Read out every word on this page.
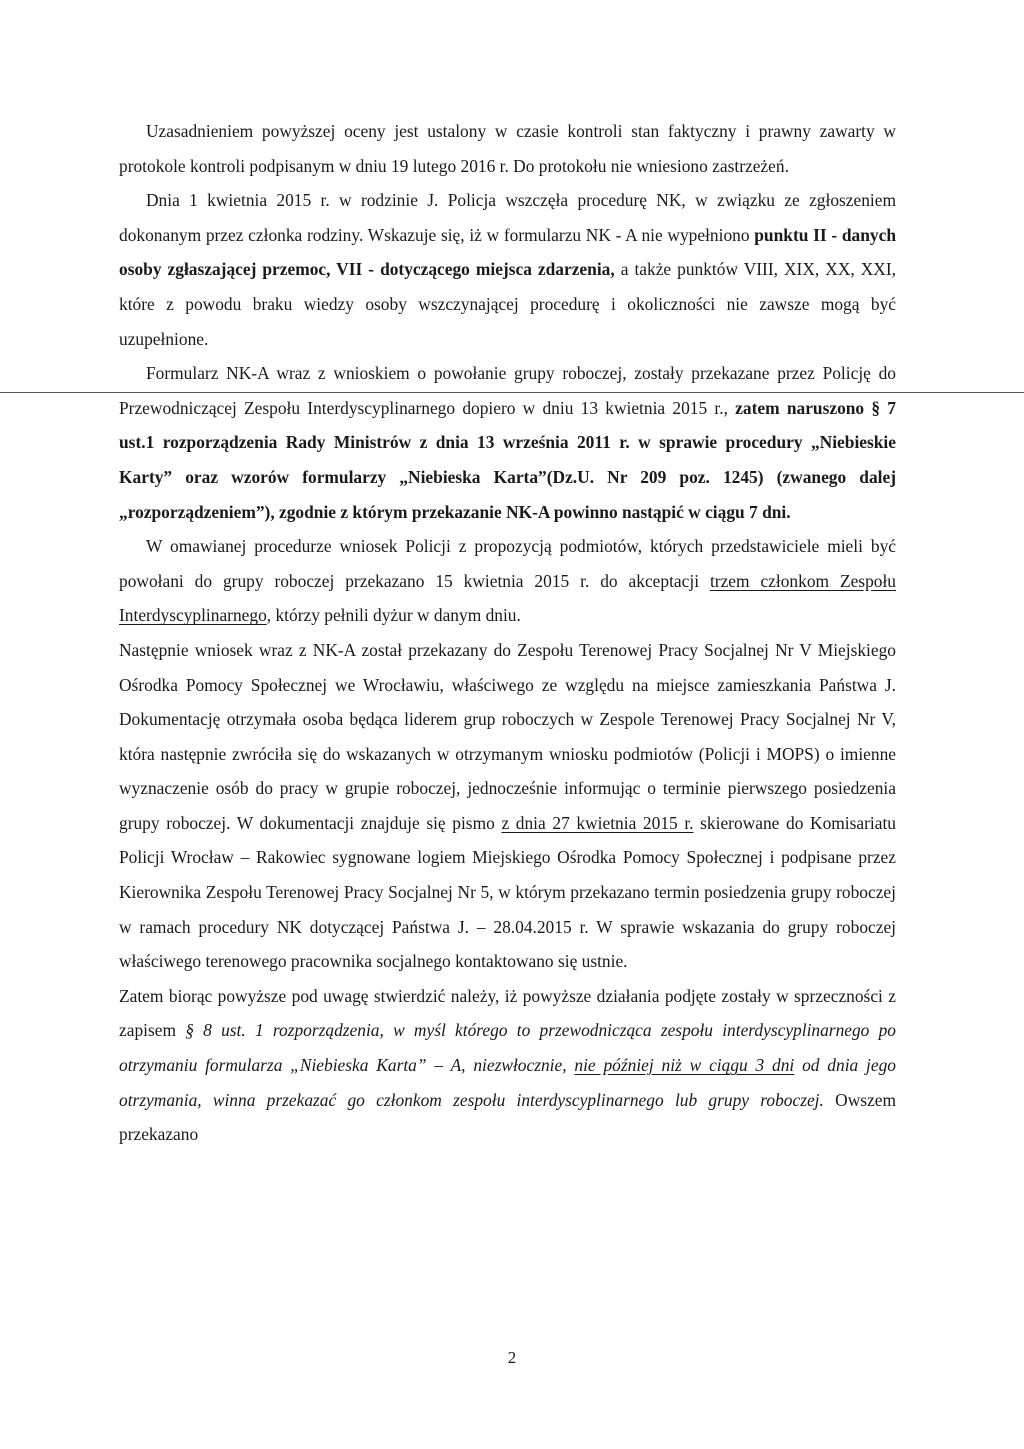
Uzasadnieniem powyższej oceny jest ustalony w czasie kontroli stan faktyczny i prawny zawarty w protokole kontroli podpisanym w dniu 19 lutego 2016 r. Do protokołu nie wniesiono zastrzeżeń.

Dnia 1 kwietnia 2015 r. w rodzinie J. Policja wszczęła procedurę NK, w związku ze zgłoszeniem dokonanym przez członka rodziny. Wskazuje się, iż w formularzu NK - A nie wypełniono punktu II - danych osoby zgłaszającej przemoc, VII - dotyczącego miejsca zdarzenia, a także punktów VIII, XIX, XX, XXI, które z powodu braku wiedzy osoby wszczynającej procedurę i okoliczności nie zawsze mogą być uzupełnione.

Formularz NK-A wraz z wnioskiem o powołanie grupy roboczej, zostały przekazane przez Policję do Przewodniczącej Zespołu Interdyscyplinarnego dopiero w dniu 13 kwietnia 2015 r., zatem naruszono § 7 ust.1 rozporządzenia Rady Ministrów z dnia 13 września 2011 r. w sprawie procedury „Niebieskie Karty” oraz wzorów formularzy „Niebieska Karta”(Dz.U. Nr 209 poz. 1245) (zwanego dalej „rozporządzeniem”), zgodnie z którym przekazanie NK-A powinno nastąpić w ciągu 7 dni.

W omawianej procedurze wniosek Policji z propozycją podmiotów, których przedstawiciele mieli być powołani do grupy roboczej przekazano 15 kwietnia 2015 r. do akceptacji trzem członkom Zespołu Interdyscyplinarnego, którzy pełnili dyżur w danym dniu.

Następnie wniosek wraz z NK-A został przekazany do Zespołu Terenowej Pracy Socjalnej Nr V Miejskiego Ośrodka Pomocy Społecznej we Wrocławiu, właściwego ze względu na miejsce zamieszkania Państwa J. Dokumentację otrzymała osoba będąca liderem grup roboczych w Zespole Terenowej Pracy Socjalnej Nr V, która następnie zwróciła się do wskazanych w otrzymanym wniosku podmiotów (Policji i MOPS) o imienne wyznaczenie osób do pracy w grupie roboczej, jednocześnie informując o terminie pierwszego posiedzenia grupy roboczej. W dokumentacji znajduje się pismo z dnia 27 kwietnia 2015 r. skierowane do Komisariatu Policji Wrocław – Rakowiec sygnowane logiem Miejskiego Ośrodka Pomocy Społecznej i podpisane przez Kierownika Zespołu Terenowej Pracy Socjalnej Nr 5, w którym przekazano termin posiedzenia grupy roboczej w ramach procedury NK dotyczącej Państwa J. – 28.04.2015 r. W sprawie wskazania do grupy roboczej właściwego terenowego pracownika socjalnego kontaktowano się ustnie.

Zatem biorąc powyższe pod uwagę stwierdzić należy, iż powyższe działania podjęte zostały w sprzeczności z zapisem § 8 ust. 1 rozporządzenia, w myśl którego to przewodnicząca zespołu interdyscyplinarnego po otrzymaniu formularza „Niebieska Karta” – A, niezwłocznie, nie później niż w ciągu 3 dni od dnia jego otrzymania, winna przekazać go członkom zespołu interdyscyplinarnego lub grupy roboczej. Owszem przekazano

2
